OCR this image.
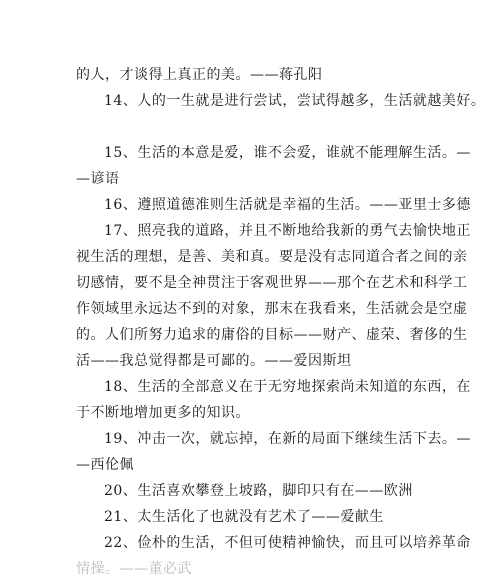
的人，才谈得上真正的美。——蒋孔阳
14、人的一生就是进行尝试，尝试得越多，生活就越美好。
15、生活的本意是爱，谁不会爱，谁就不能理解生活。—
—谚语
16、遵照道德准则生活就是幸福的生活。——亚里士多德
17、照亮我的道路，并且不断地给我新的勇气去愉快地正
视生活的理想，是善、美和真。要是没有志同道合者之间的亲
切感情，要不是全神贯注于客观世界——那个在艺术和科学工
作领域里永远达不到的对象，那末在我看来，生活就会是空虚
的。人们所努力追求的庸俗的目标——财产、虚荣、奢侈的生
活——我总觉得都是可鄙的。——爱因斯坦
18、生活的全部意义在于无穷地探索尚未知道的东西，在
于不断地增加更多的知识。
19、冲击一次，就忘掉，在新的局面下继续生活下去。—
—西伦佩
20、生活喜欢攀登上坡路，脚印只有在——欧洲
21、太生活化了也就没有艺术了——爱献生
22、俭朴的生活，不但可使精神愉快，而且可以培养革命
情操。——董必武
